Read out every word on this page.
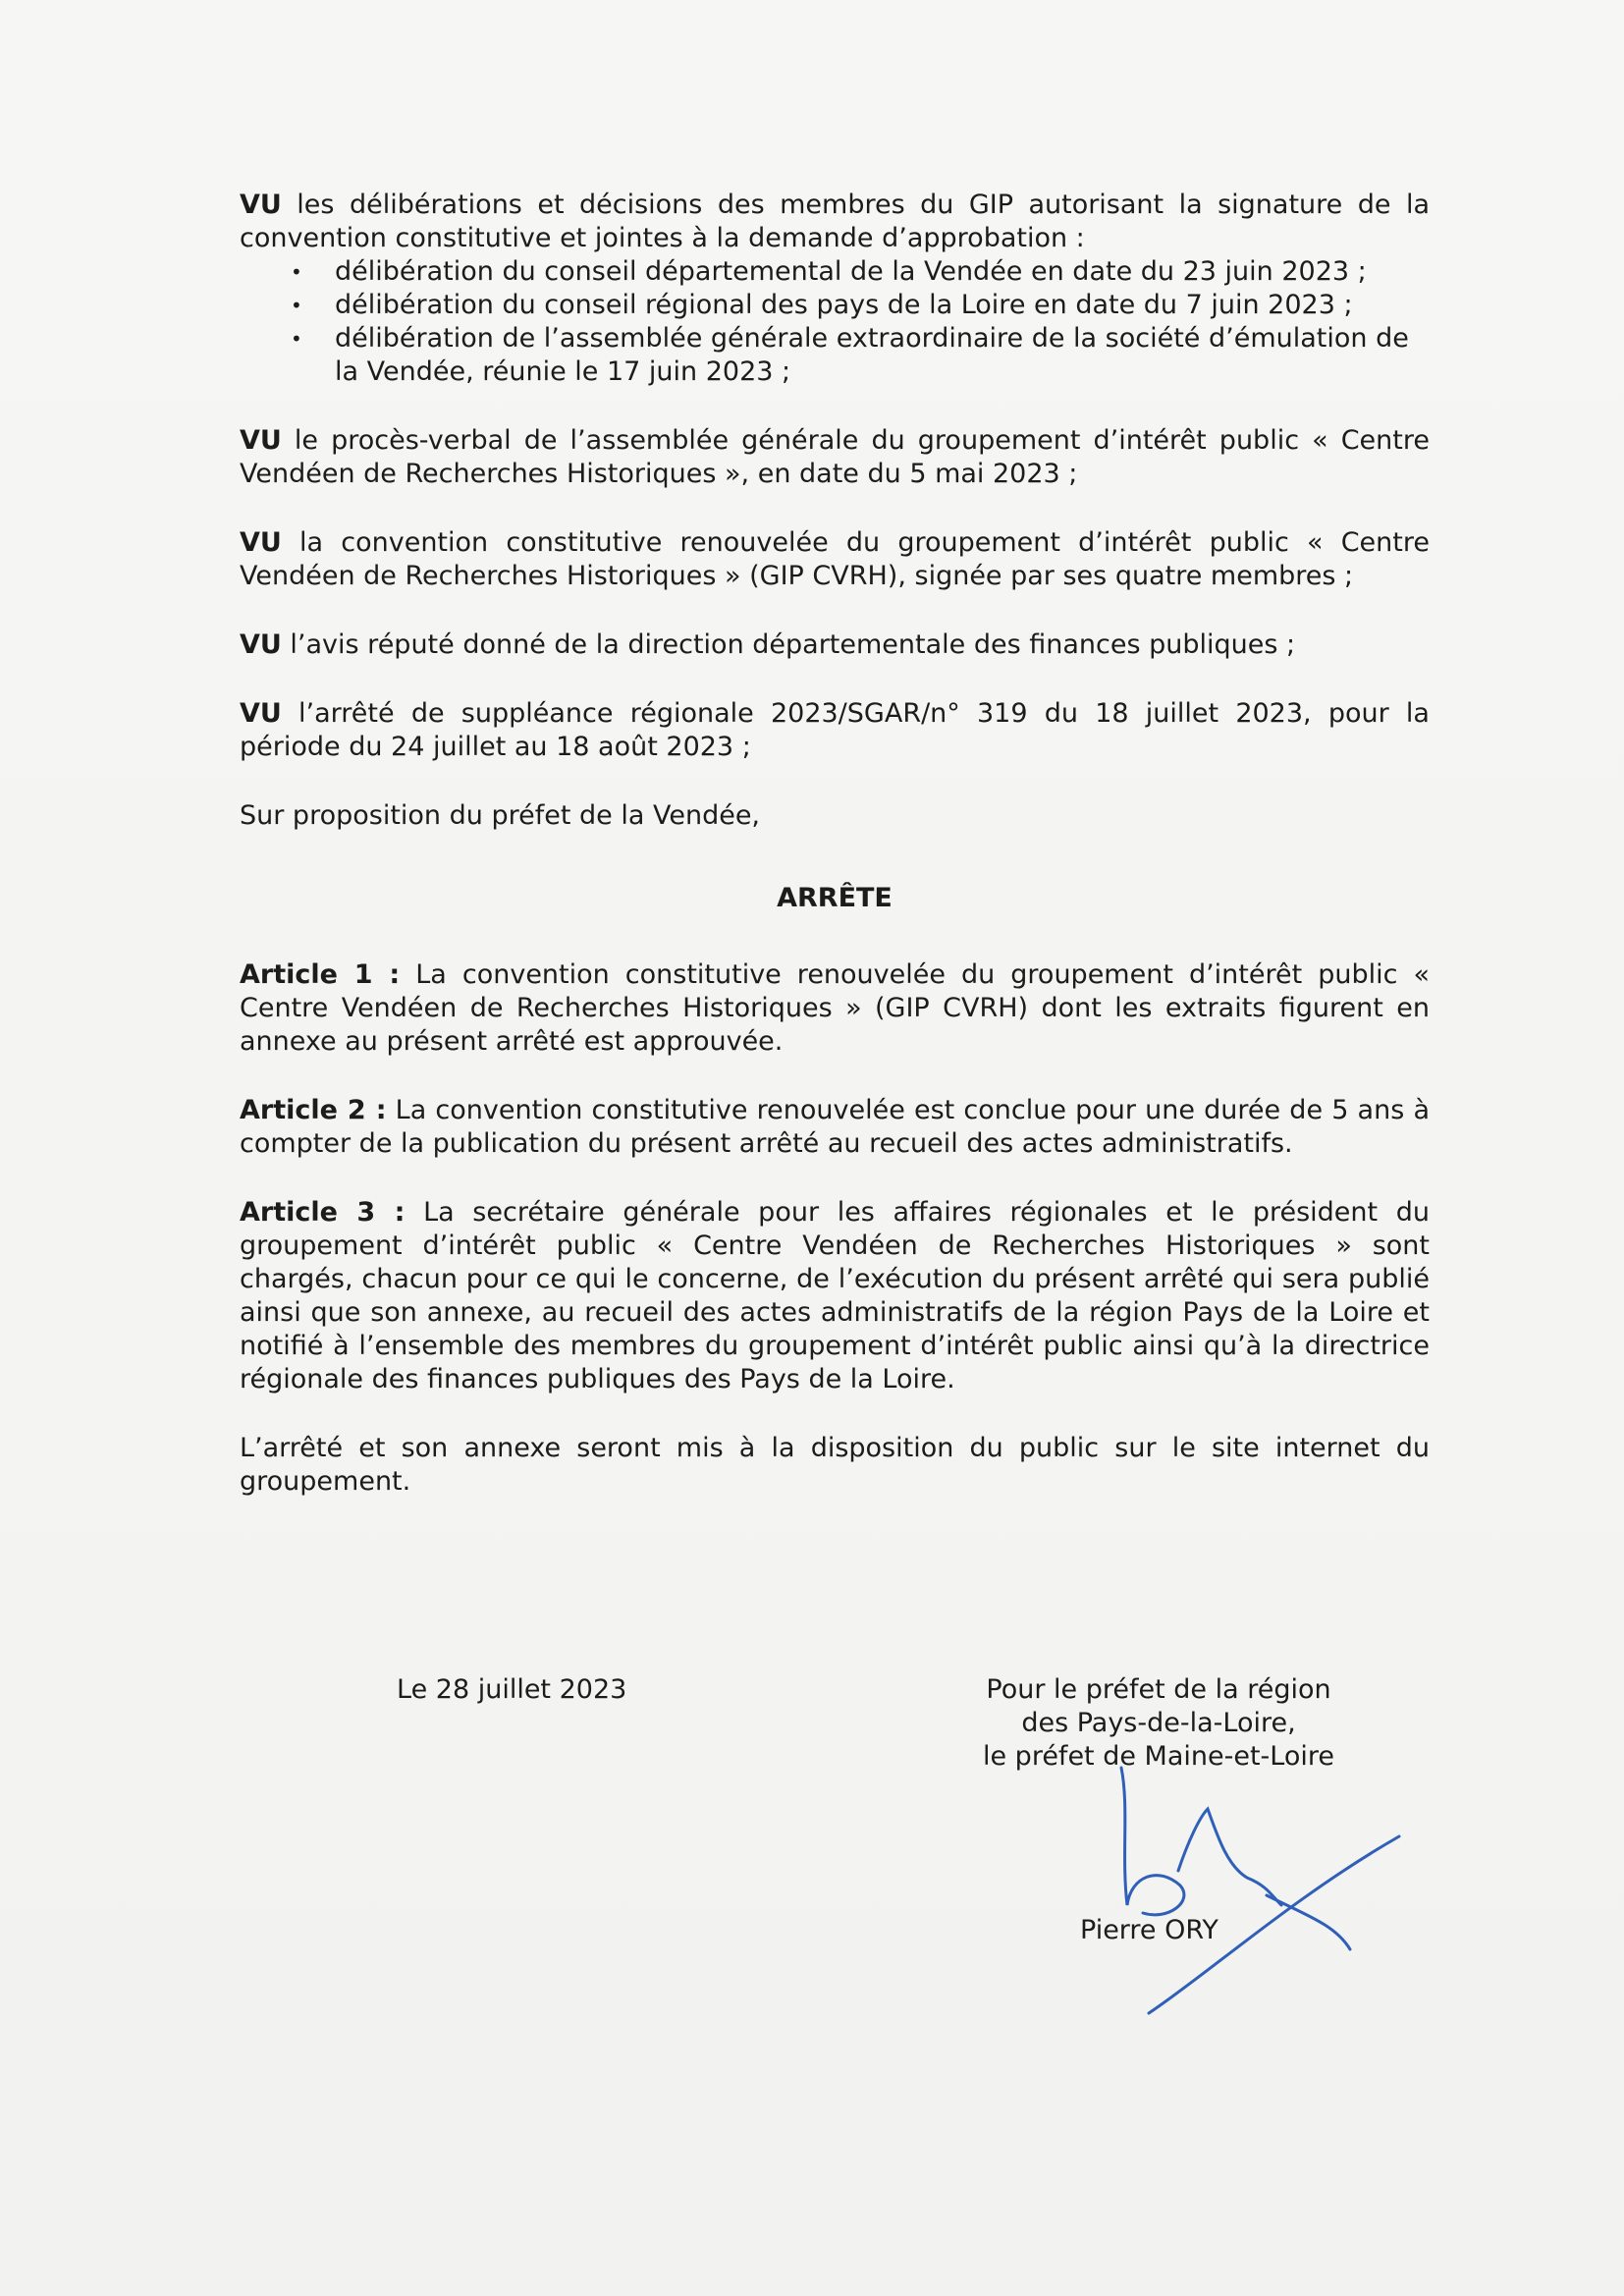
VU les délibérations et décisions des membres du GIP autorisant la signature de la convention constitutive et jointes à la demande d’approbation :

• délibération du conseil départemental de la Vendée en date du 23 juin 2023 ;
• délibération du conseil régional des pays de la Loire en date du 7 juin 2023 ;
• délibération de l’assemblée générale extraordinaire de la société d’émulation de la Vendée, réunie le 17 juin 2023 ;

VU le procès-verbal de l’assemblée générale du groupement d’intérêt public « Centre Vendéen de Recherches Historiques », en date du 5 mai 2023 ;

VU la convention constitutive renouvelée du groupement d’intérêt public « Centre Vendéen de Recherches Historiques » (GIP CVRH), signée par ses quatre membres ;

VU l’avis réputé donné de la direction départementale des finances publiques ;

VU l’arrêté de suppléance régionale 2023/SGAR/n° 319 du 18 juillet 2023, pour la période du 24 juillet au 18 août 2023 ;

Sur proposition du préfet de la Vendée,

ARRÊTE

Article 1 : La convention constitutive renouvelée du groupement d’intérêt public « Centre Vendéen de Recherches Historiques » (GIP CVRH) dont les extraits figurent en annexe au présent arrêté est approuvée.

Article 2 : La convention constitutive renouvelée est conclue pour une durée de 5 ans à compter de la publication du présent arrêté au recueil des actes administratifs.

Article 3 : La secrétaire générale pour les affaires régionales et le président du groupement d’intérêt public « Centre Vendéen de Recherches Historiques » sont chargés, chacun pour ce qui le concerne, de l’exécution du présent arrêté qui sera publié ainsi que son annexe, au recueil des actes administratifs de la région Pays de la Loire et notifié à l’ensemble des membres du groupement d’intérêt public ainsi qu’à la directrice régionale des finances publiques des Pays de la Loire.

L’arrêté et son annexe seront mis à la disposition du public sur le site internet du groupement.

Le 28 juillet 2023	Pour le préfet de la région
des Pays-de-la-Loire,
le préfet de Maine-et-Loire
Pierre ORY
